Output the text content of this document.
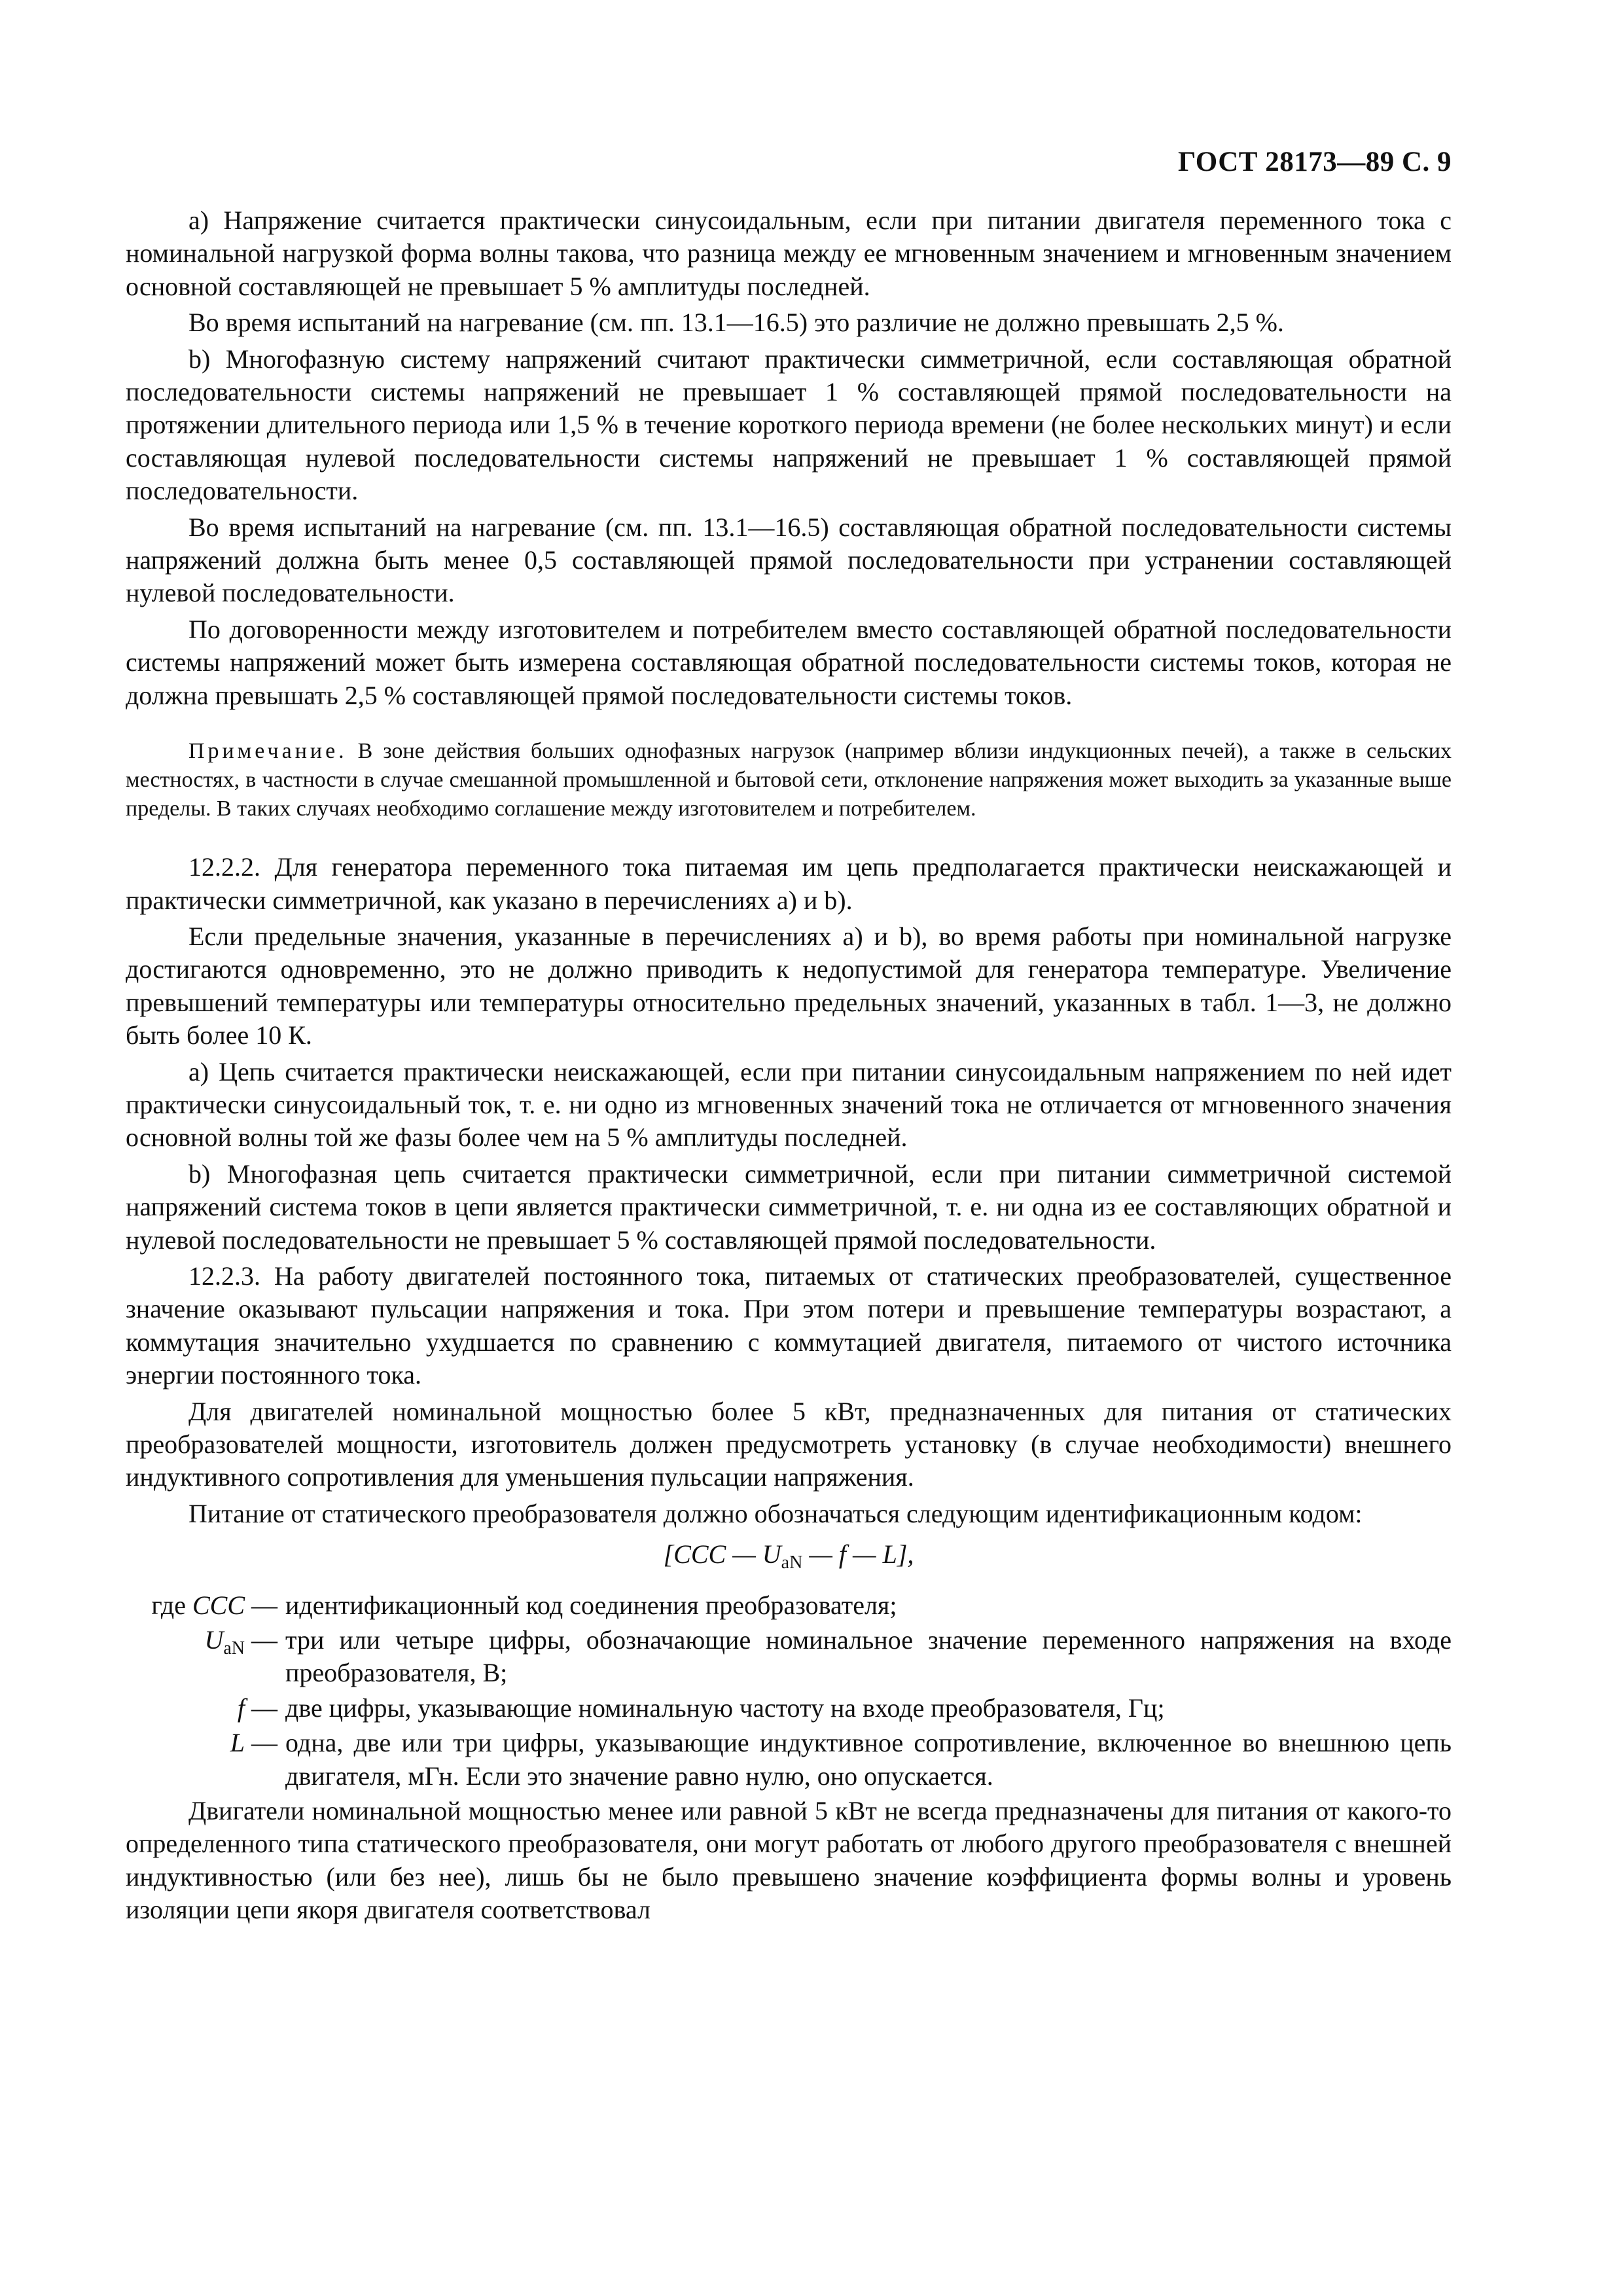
ГОСТ 28173—89 С. 9

а) Напряжение считается практически синусоидальным, если при питании двигателя переменного тока с номинальной нагрузкой форма волны такова, что разница между ее мгновенным значением и мгновенным значением основной составляющей не превышает 5 % амплитуды последней.

Во время испытаний на нагревание (см. пп. 13.1—16.5) это различие не должно превышать 2,5 %.

b) Многофазную систему напряжений считают практически симметричной, если составляющая обратной последовательности системы напряжений не превышает 1 % составляющей прямой последовательности на протяжении длительного периода или 1,5 % в течение короткого периода времени (не более нескольких минут) и если составляющая нулевой последовательности системы напряжений не превышает 1 % составляющей прямой последовательности.

Во время испытаний на нагревание (см. пп. 13.1—16.5) составляющая обратной последовательности системы напряжений должна быть менее 0,5 составляющей прямой последовательности при устранении составляющей нулевой последовательности.

По договоренности между изготовителем и потребителем вместо составляющей обратной последовательности системы напряжений может быть измерена составляющая обратной последовательности системы токов, которая не должна превышать 2,5 % составляющей прямой последовательности системы токов.

Примечание. В зоне действия больших однофазных нагрузок (например вблизи индукционных печей), а также в сельских местностях, в частности в случае смешанной промышленной и бытовой сети, отклонение напряжения может выходить за указанные выше пределы. В таких случаях необходимо соглашение между изготовителем и потребителем.

12.2.2. Для генератора переменного тока питаемая им цепь предполагается практически неискажающей и практически симметричной, как указано в перечислениях а) и b).

Если предельные значения, указанные в перечислениях а) и b), во время работы при номинальной нагрузке достигаются одновременно, это не должно приводить к недопустимой для генератора температуре. Увеличение превышений температуры или температуры относительно предельных значений, указанных в табл. 1—3, не должно быть более 10 К.

а) Цепь считается практически неискажающей, если при питании синусоидальным напряжением по ней идет практически синусоидальный ток, т. е. ни одно из мгновенных значений тока не отличается от мгновенного значения основной волны той же фазы более чем на 5 % амплитуды последней.

b) Многофазная цепь считается практически симметричной, если при питании симметричной системой напряжений система токов в цепи является практически симметричной, т. е. ни одна из ее составляющих обратной и нулевой последовательности не превышает 5 % составляющей прямой последовательности.

12.2.3. На работу двигателей постоянного тока, питаемых от статических преобразователей, существенное значение оказывают пульсации напряжения и тока. При этом потери и превышение температуры возрастают, а коммутация значительно ухудшается по сравнению с коммутацией двигателя, питаемого от чистого источника энергии постоянного тока.

Для двигателей номинальной мощностью более 5 кВт, предназначенных для питания от статических преобразователей мощности, изготовитель должен предусмотреть установку (в случае необходимости) внешнего индуктивного сопротивления для уменьшения пульсации напряжения.

Питание от статического преобразователя должно обозначаться следующим идентификационным кодом:

[CCC — $U_{aN}$ — f — L],
где CCC — идентификационный код соединения преобразователя;
$U_{aN}$ — три или четыре цифры, обозначающие номинальное значение переменного напряжения на входе преобразователя, В;
f — две цифры, указывающие номинальную частоту на входе преобразователя, Гц;
L — одна, две или три цифры, указывающие индуктивное сопротивление, включенное во внешнюю цепь двигателя, мГн. Если это значение равно нулю, оно опускается.

Двигатели номинальной мощностью менее или равной 5 кВт не всегда предназначены для питания от какого-то определенного типа статического преобразователя, они могут работать от любого другого преобразователя с внешней индуктивностью (или без нее), лишь бы не было превышено значение коэффициента формы волны и уровень изоляции цепи якоря двигателя соответствовал
